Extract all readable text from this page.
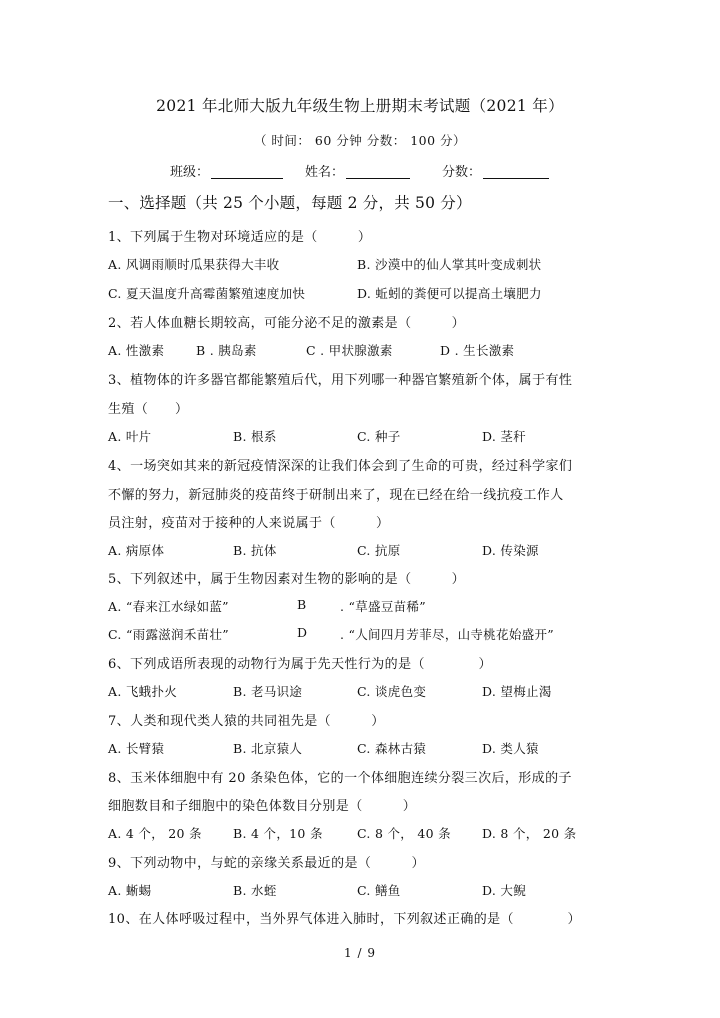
2021 年北师大版九年级生物上册期末考试题（2021 年）
（ 时间： 60 分钟 分数： 100 分）
班级：	姓名：	分数：
一、选择题（共 25 个小题，每题 2 分，共 50 分）
1、下列属于生物对环境适应的是（　　　）
A. 风调雨顺时瓜果获得大丰收	B. 沙漠中的仙人掌其叶变成刺状
C. 夏天温度升高霉菌繁殖速度加快	D. 蚯蚓的粪便可以提高土壤肥力
2、若人体血糖长期较高，可能分泌不足的激素是（　　　）
A. 性激素	B . 胰岛素	C . 甲状腺激素	D . 生长激素
3、植物体的许多器官都能繁殖后代，用下列哪一种器官繁殖新个体，属于有性
生殖（　　）
A. 叶片	B. 根系	C. 种子	D. 茎秆
4、一场突如其来的新冠疫情深深的让我们体会到了生命的可贵，经过科学家们
不懈的努力，新冠肺炎的疫苗终于研制出来了，现在已经在给一线抗疫工作人
员注射，疫苗对于接种的人来说属于（　　　）
A. 病原体	B. 抗体	C. 抗原	D. 传染源
5、下列叙述中，属于生物因素对生物的影响的是（　　　）
A. “春来江水绿如蓝”	B	. “草盛豆苗稀”
C. “雨露滋润禾苗壮”	D	. “人间四月芳菲尽，山寺桃花始盛开”
6、下列成语所表现的动物行为属于先天性行为的是（　　　　）
A. 飞蛾扑火	B. 老马识途	C. 谈虎色变	D. 望梅止渴
7、人类和现代类人猿的共同祖先是（　　　）
A. 长臂猿	B. 北京猿人	C. 森林古猿	D. 类人猿
8、玉米体细胞中有 20 条染色体，它的一个体细胞连续分裂三次后，形成的子
细胞数目和子细胞中的染色体数目分别是（　　　）
A. 4 个， 20 条 B. 4 个，10 条	C. 8 个， 40 条 D. 8 个， 20 条
9、下列动物中，与蛇的亲缘关系最近的是（　　　）
A. 蜥蜴	B. 水蛭	C. 鳝鱼	D. 大鲵
10、在人体呼吸过程中，当外界气体进入肺时，下列叙述正确的是（　　　　）
1 / 9
